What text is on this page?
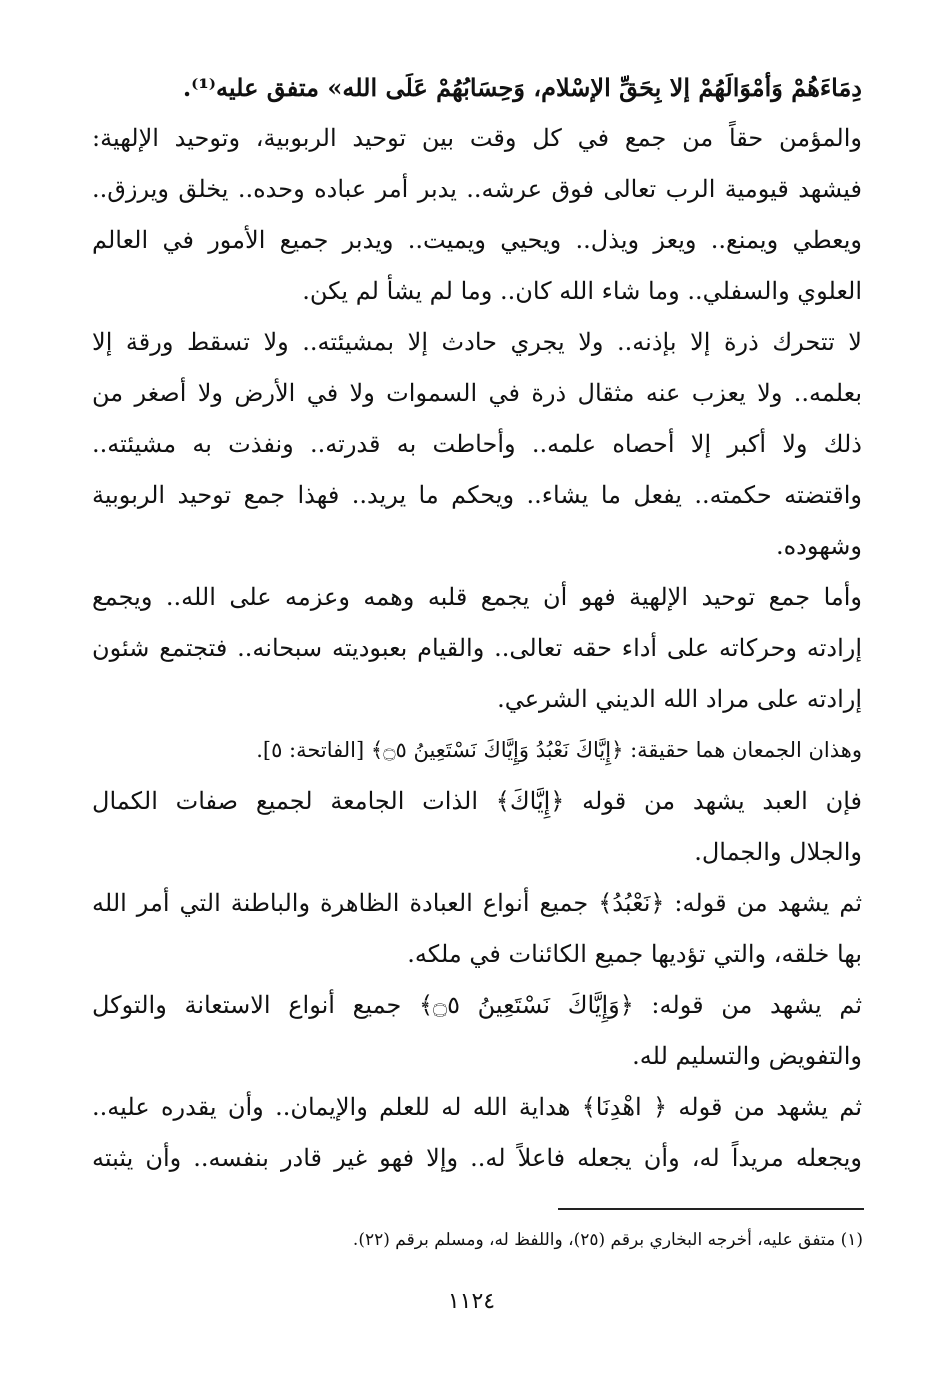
دِمَاءَهُمْ وَأمْوَالَهُمْ إلا بِحَقِّ الإسْلام، وَحِسَابُهُمْ عَلَى الله» متفق عليه⁽¹⁾.
والمؤمن حقاً من جمع في كل وقت بين توحيد الربوبية، وتوحيد الإلهية:
فيشهد قيومية الرب تعالى فوق عرشه.. يدبر أمر عباده وحده.. يخلق ويرزق..
ويعطي ويمنع.. ويعز ويذل.. ويحيي ويميت.. ويدبر جميع الأمور في العالم
العلوي والسفلي.. وما شاء الله كان.. وما لم يشأ لم يكن.
لا تتحرك ذرة إلا بإذنه.. ولا يجري حادث إلا بمشيئته.. ولا تسقط ورقة إلا
بعلمه.. ولا يعزب عنه مثقال ذرة في السموات ولا في الأرض ولا أصغر من
ذلك ولا أكبر إلا أحصاه علمه.. وأحاطت به قدرته.. ونفذت به مشيئته..
واقتضته حكمته.. يفعل ما يشاء.. ويحكم ما يريد.. فهذا جمع توحيد الربوبية
وشهوده.
وأما جمع توحيد الإلهية فهو أن يجمع قلبه وهمه وعزمه على الله.. ويجمع
إرادته وحركاته على أداء حقه تعالى.. والقيام بعبوديته سبحانه.. فتجتمع شئون
إرادته على مراد الله الديني الشرعي.
وهذان الجمعان هما حقيقة: ﴿إِيَّاكَ نَعْبُدُ وَإِيَّاكَ نَسْتَعِينُ ۝٥﴾ [الفاتحة: ٥].
فإن العبد يشهد من قوله ﴿إِيَّاكَ﴾ الذات الجامعة لجميع صفات الكمال
والجلال والجمال.
ثم يشهد من قوله: ﴿نَعْبُدُ﴾ جميع أنواع العبادة الظاهرة والباطنة التي أمر الله
بها خلقه، والتي تؤديها جميع الكائنات في ملكه.
ثم يشهد من قوله: ﴿وَإِيَّاكَ نَسْتَعِينُ ۝٥﴾ جميع أنواع الاستعانة والتوكل
والتفويض والتسليم لله.
ثم يشهد من قوله ﴿ اهْدِنَا﴾ هداية الله له للعلم والإيمان.. وأن يقدره عليه..
ويجعله مريداً له، وأن يجعله فاعلاً له.. وإلا فهو غير قادر بنفسه.. وأن يثبته
(١) متفق عليه، أخرجه البخاري برقم (٢٥)، واللفظ له، ومسلم برقم (٢٢).
١١٢٤
